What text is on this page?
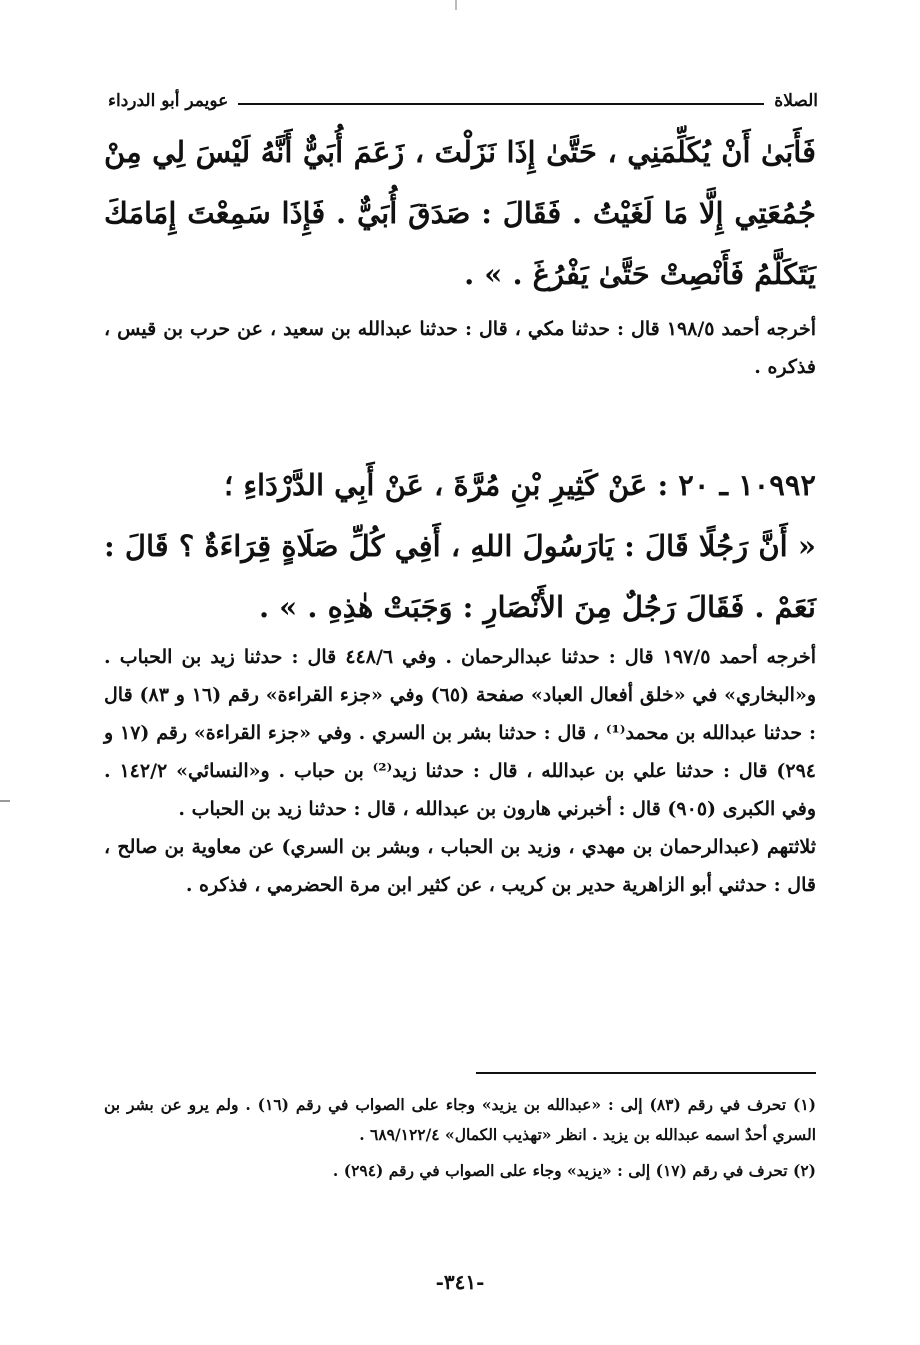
الصلاة
عويمر أبو الدرداء
فَأَبَىٰ أَنْ يُكَلِّمَنِي ، حَتَّىٰ إِذَا نَزَلْتَ ، زَعَمَ أُبَيٌّ أَنَّهُ لَيْسَ لِي مِنْ جُمُعَتِي إِلَّا مَا لَغَيْتُ . فَقَالَ : صَدَقَ أُبَيٌّ . فَإِذَا سَمِعْتَ إِمَامَكَ يَتَكَلَّمُ فَأَنْصِتْ حَتَّىٰ يَفْرُغَ . » .
أخرجه أحمد ١٩٨/٥ قال : حدثنا مكي ، قال : حدثنا عبدالله بن سعيد ، عن حرب بن قيس ، فذكره .
١٠٩٩٢ ـ ٢٠ : عَنْ كَثِيرِ بْنِ مُرَّةَ ، عَنْ أَبِي الدَّرْدَاءِ ؛
« أَنَّ رَجُلًا قَالَ : يَارَسُولَ اللهِ ، أَفِي كُلِّ صَلَاةٍ قِرَاءَةٌ ؟ قَالَ : نَعَمْ . فَقَالَ رَجُلٌ مِنَ الأَنْصَارِ : وَجَبَتْ هٰذِهِ . » .
أخرجه أحمد ١٩٧/٥ قال : حدثنا عبدالرحمان . وفي ٤٤٨/٦ قال : حدثنا زيد بن الحباب . و«البخاري» في «خلق أفعال العباد» صفحة (٦٥) وفي «جزء القراءة» رقم (١٦ و ٨٣) قال : حدثنا عبدالله بن محمد⁽¹⁾ ، قال : حدثنا بشر بن السري . وفي «جزء القراءة» رقم (١٧ و ٢٩٤) قال : حدثنا علي بن عبدالله ، قال : حدثنا زيد⁽²⁾ بن حباب . و«النسائي» ١٤٢/٢ . وفي الكبرى (٩٠٥) قال : أخبرني هارون بن عبدالله ، قال : حدثنا زيد بن الحباب .
ثلاثتهم (عبدالرحمان بن مهدي ، وزيد بن الحباب ، وبشر بن السري) عن معاوية بن صالح ، قال : حدثني أبو الزاهرية حدير بن كريب ، عن كثير ابن مرة الحضرمي ، فذكره .
(١) تحرف في رقم (٨٣) إلى : «عبدالله بن يزيد» وجاء على الصواب في رقم (١٦) . ولم يرو عن بشر بن السري أحدٌ اسمه عبدالله بن يزيد . انظر «تهذيب الكمال» ٦٨٩/١٢٢/٤ .
(٢) تحرف في رقم (١٧) إلى : «يزيد» وجاء على الصواب في رقم (٢٩٤) .
-٣٤١-
